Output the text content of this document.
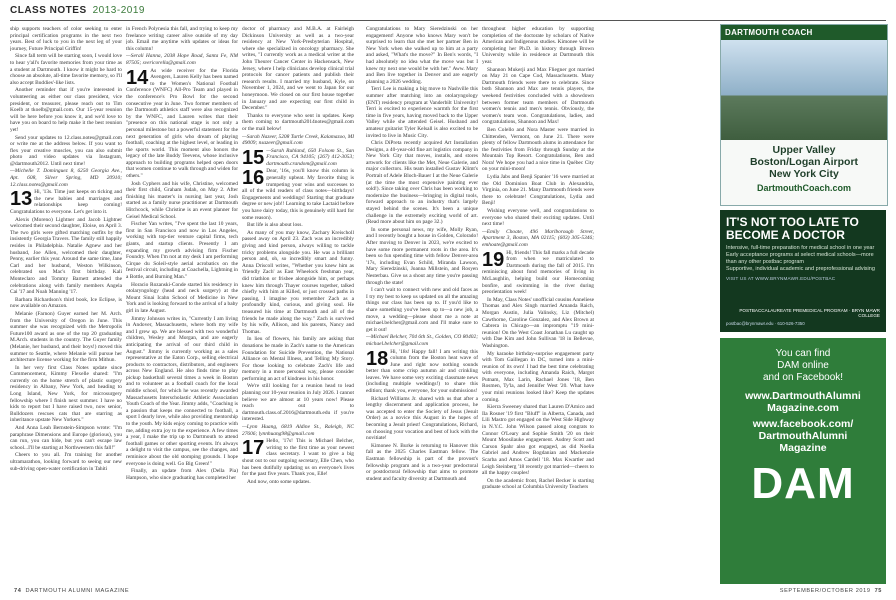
CLASS NOTES 2013-2019

ship supports teachers of color seeking to enter principal certification programs in the next two years. Best of luck to you in the next leg of your journey, Future Principal Griffin!

Since fall term will be starting soon, I would love to hear y'all's favorite memories from your time as a student at Dartmouth. I know it might be hard to choose an absolute, all-time favorite memory, so I'll also accept Buddies'-like lists.

Another reminder that if you're interested in volunteering as either our class president, vice president, or treasurer, please reach out to Tim Koelb at tkoelb@gmail.com. Our 15-year reunion will be here before you know it, and we'd love to have you on board to help make it the best reunion yet!

Send your updates to 12.class.notes@gmail.com or write me at the address below. If you want to flex your creative muscles, you can also submit photo and video updates via Instagram, @dartmouth2012. Until next time!

—Michelle T. Dominguez 8, 6250 Georgia Ave., Apt. 608, Silver Spring, MD 20910; 12.class.notes@gmail.com

13 Hi, '13s. Time just keeps on ticking and the new babies and marriages and relationships keep coming! Congratulations to everyone. Let's get into it.

Alexis (Moreno) Lightner and Jacob Lightner welcomed their second daughter, Eloise, on April 3. The two girls were gifted matching outfits by the insistently Georgia Travers. The family still happily resides in Philadelphia. Natalie Agnew and her husband, Joe Allen, welcomed their daughter, Penny, earlier this year. Around the same time, Jane Carl and her husband, Weston Wilkinson, celebrated son Mac's first birthday. Kali Monteclaro and Tommy Barnett attended the celebrations along with family members Angela Cai '17 and Noah Manning '17.

Barbara Richardson's third book, Ice Eclipse, is now available on Amazon.

Melanie (Farnon) Guyer earned her M. Arch. from the University of Oregon in June. This summer she was recognized with the Metropolis Future100 award as one of the top 20 graduating M.Arch. students in the country. The Guyer family (Melanie, her husband, and their boys!) moved this summer to Seattle, where Melanie will pursue her architecture license working for the firm Mithun.

In her very first Class Notes update since Commencement, Kimmy Flexelle shared: "I'm currently on the home stretch of plastic surgery residency in Albany, New York, and heading to Long Island, New York, for microsurgery fellowship where I finish next summer. I have no kids to report but I have raised two, now senior, Bulldozers rescues cats that are starring as inheritance upstate New Yorkers."

And Anna Leah Bernstein-Simpson wrote: "I'm paraphrase Dimensions and Europe (glorious), you can run, you can hide, but you can't escape law school...I'll be starting at Northwestern this fall!"

Cheers to you all. I'm training for another ultramarathon, looking forward to seeing our new sub-driving open-water certification in Tahiti

in French Polynesia this fall, and trying to keep my freelance writing career alive outside of my day job. Email me anytime with updates or ideas for this column!

—Serali Hanna, 2038 Hope Road, Santa Fe, NM 87505; svericorella@gmail.com

14 As wide receiver for the Florida Avengers, Lauren Kelly has been named to the Women's National Football Conference (WNFC) All-Pro Team and played in the conference's Pro Bowl for the second consecutive year in June. Two former members of the Dartmouth athletics staff were also recognized by the WNFC, and Lauren writes that their "presence on this national stage is not only a personal milestone but a powerful statement for the next generation of girls who dream of playing football, coaching at the highest level, or leading in the sports world. This moment also honors the legacy of the late Buddy Teevens, whose inclusive approach to building programs helped open doors that women continue to walk through and widen for others."

Josh Cyphers and his wife, Christine, welcomed their first child, Graham Judah, on May 2. After finishing his master's in nursing last year, Josh started as a family nurse practitioner at Dartmouth Hitchcock, while Christine is an event planner for Geisel Medical School.

Fischer Yan writes, "I've spent the last 10 years, first in San Francisco and now in Los Angeles, working with top-tier venture capital firms, tech giants, and startup clients. Presently I am expanding my growth advising firm Fischer Foundry. When I'm not at my desk I am performing Cirque du Soleil-style aerial acrobatics on the festival circuit, including at Coachella, Lightning in a Bottle, and Burning Man."

Horacio Rozanski-Conde started his residency in otolaryngology (head and neck surgery) at the Mount Sinai Icahn School of Medicine in New York and is looking forward to the arrival of a baby girl in late August.

Jimmy Johnson writes in, "Currently I am living in Andover, Massachusetts, where both my wife and I grew up. We are blessed with two wonderful children, Wesley and Morgan, and are eagerly anticipating the arrival of our third child in August." Jimmy is currently working as a sales representative at the Eaton Corp., selling electrical products to contractors, distributors, and engineers across New England. He also finds time to play pickup basketball several times a week in Boston and to volunteer as a football coach for the local middle school, for which he was recently awarded Massachusetts Interscholastic Athletic Association Youth Coach of the Year. Jimmy adds, "Coaching is a passion that keeps me connected to football, a sport I dearly love, while also providing mentorship to the youth. My kids enjoy coming to practice with me, adding extra joy to the experience. A few times a year, I make the trip up to Dartmouth to attend football games or other sporting events. It's always a delight to visit the campus, see the changes, and reminisce about the old stomping grounds. I hope everyone is doing well. Go Big Green!"

Finally, an update from Alex (Della Pia) Hampson, who since graduating has completed her

doctor of pharmacy and M.B.A. at Fairleigh Dickinson University as well as a two-year residency at New York-Presbyterian Hospital, where she specialized in oncology pharmacy. She writes, "I currently work as a medical writer at the John Theurer Cancer Center in Hackensack, New Jersey, where I help clinicians develop clinical trial protocols for cancer patients and publish their research results. I married my husband, Kyle, on November 1, 2024, and we went to Japan for our honeymoon. We closed on our first house together in January and are expecting our first child in December."

Thanks to everyone who sent in updates. Keep them coming to dartmouth2014notes@gmail.com or the mail below!

—Sarah Nazeer, 5208 Turtle Creek, Kalamazoo, MI 49009; nsazeer@gmail.com

15 —Sarah Ruhland, 650 Folsom St., San Francisco, CA 94105; (267) 412-3053; dartmouth.crandom@gmail.com

16 Dear, '16s, you'll know this column is generally upbeat. My favorite thing is trumpeting your wins and successes to all of the wild readers of class notes—birthdays! Engagements and weddings! Starting that graduate degree or new job!! Learning to take Lactaid before you have dairy today, this is genuinely still hard for some reason).

But life is also about loss.

As many of you may know, Zachary Kreischoll passed away on April 23. Zach was an incredibly giving and kind person, always willing to tackle tricky problems alongside you. He was a brilliant person and, oh, so incredibly smart and funny. Anna Driscoll writes, "Whether you knew him as 'friendly Zach' as East Wheelock freshman year, did triathlon or frisbee alongside him, or perhaps knew him through Thayer courses together, talked chiefly with him at Killed, or just crossed paths in passing, I imagine you remember Zach as a profoundly kind, curious, and giving soul. He treasured his time at Dartmouth and all of the friends he made along the way." Zach is survived by his wife, Allison, and his parents, Nancy and Thomas.

In lieu of flowers, his family are asking that donations be made in Zach's name to the American Foundation for Suicide Prevention, the National Alliance on Mental Illness, and Telling My Story. For those looking to celebrate Zach's life and memory in a more personal way, please consider performing an act of kindness in his honor.

We're still looking for a reunion head to lead planning our 10-year reunion in July 2026. I cannot believe we are almost at 10 years now! Please reach out to dartmouth.class.of.2016@dartmouth.edu if you're interested.

—Lynn Huang, 6819 Aldine St., Raleigh, NC 27606; lynnhuang98@gmail.com

17 Hello, '17s! This is Michael Belcher, writing to the first time as your newest class secretary. I want to give a big shout out to our outgoing secretary, Elle Chen, who has been dutifully updating us on everyone's lives for the past five years. Thank you, Elle!

And now, onto some updates.

Congratulations to Mary Sieredzinski on her engagement! Anyone who knows Mary won't be surprised to learn that she met her partner Ben in New York when she walked up to him at a party and asked, "What's the move?" In Ben's words, "I had absolutely no idea what the move was but I knew my next one would be with her." Aww. Mary and Ben live together in Denver and are eagerly planning a 2026 wedding.

Terri Lee is making a big move to Nashville this summer after matching into an otolaryngology (ENT) residency program at Vanderbilt University! Terri is excited to experience warmth for the first time in five years, having moved back to the Upper Valley while she attended Geisel. Husband and amateur guitarist Tyler Kelsall is also excited to be invited to live in Music City.

Chris DiPreta recently acquired Art Installation Designs, a 40-year-old fine art logistics company in New York City that moves, installs, and stores artwork for clients like the Met, Neue Galerie, and major collectors. His team installed Gustav Klimt's Portrait of Adele Bloch-Bauer I at the Neue Galerie (at the time the most expensive painting ever sold!). Since taking over Chris has been working to modernize the business—bringing in digital tools, forward approach to an industry that's largely stayed behind the scenes. It's been a unique challenge in the extremely exciting world of art. (Read more about him on page 32.)

In some personal news, my wife, Molly Ryan, and I recently bought a house in Golden, Colorado! After moving to Denver in 2023, we're excited to have some more permanent roots in the area. It's been so fun spending time with fellow Denver-area '17s, including Evan Schild, Miranda Lawson, Mary Sieredzinski, Joanna Millstein, and Rosyen Nesterbau. Give us a shout any time you're passing through the state!

I can't wait to connect with new and old faces as I try my best to keep us updated on all the amazing things our class has been up to. If you'd like to share something you've been up to—a new job, a move, a wedding—please shoot me a note at michael.belcher@gmail.com and I'll make sure to get it out!

—Michael Belcher, 704 6th St., Golden, CO 80402; michael.belcher@gmail.com

18 Hi, '18s! Happy fall! I am writing this column from the Boston heat wave of June and right now nothing sounds better than some crisp autumn air and crinkling leaves. We have some very exciting classmate news (including multiple weddings!) to share this edition; thank you, everyone, for your submissions!

Richard Williams Jr. shared with us that after a lengthy discernment and application process, he was accepted to enter the Society of Jesus (Jesuit Order) as a novice this August in the hopes of becoming a Jesuit priest! Congratulations, Richard, on choosing your vocation and best of luck with the novitiate!

Kimonee N. Burke is returning to Hanover this fall as the 2025 Charles Eastman fellow. The Eastman fellowship is part of the provost's fellowship program and is a two-year predoctoral or postdoctoral fellowship that aims to promote student and faculty diversity at Dartmouth and

throughout higher education by supporting completion of the doctorate by scholars of Native American and Indigenous studies. Kimonee will be completing her Ph.D. in history through Brown University while in residence at Dartmouth this year.

Shannon Mukerji and Max Fliegner got married on May 21 on Cape Cod, Massachusetts. Many Dartmouth friends were there to celebrate. Since both Shannon and Max are tennis players, the weekend festivities concluded with a showdown between former team members of Dartmouth women's tennis and men's tennis. Obviously, the women's team won. Congratulations, ladies, and congratulations, Shannon and Max!

Ben Colello and Nora Master were married in Chittenden, Vermont, on June 21. There were plenty of fellow Dartmouth alums in attendance for the festivities from Friday through Sunday at the Mountain Top Resort. Congratulations, Ben and Nora! We hope you had a nice time in Québec City on your mini-moon!

Lydia Jabs and Benji Spanier '16 were married at the Old Dominion Boat Club in Alexandria, Virginia, on June 21. Many Dartmouth friends were there to celebrate! Congratulations, Lydia and Benji!

Wishing everyone well, and congratulations to everyone who shared their exciting updates. Until next time!

—Emily Choate, 496 Marlborough Street, Apartment 3, Boston, MA 02115; (603) 305-5346; emhoate@gmail.com

19 Hi, friends! This fall marks a full decade from when we matriculated to Dartmouth during the fall of 2015. I'm reminiscing about fond memories of living in McLaughlin, helping build our Homecoming bonfire, and swimming in the river during preorientation week!

In May, Class Notes' unofficial cousins Anneliese Thomas and Alex Singh married Amanda Raich, Morgan Austin, Julia Valinsky, Liz (Mitchel) Cawthorne, Caroline Gonzalez, and Alex Brown at Cabrera in Chicago—an impromptu "19 mini-reunion! On the West Coast Jonathan Lu caught up with Dae Kim and John Sullivan '18 in Bellevue, Washington.

My karaoke birthday-surprise engagement party with Tom Gaillegan in DC, turned into a mini-reunion of its own! I had the best time celebrating with everyone, including Amanda Raich, Margot Putnam, Max Larin, Rachael Jones '18, Ben Rosmen, Ty'la, and Jennifer West '20. What have your mini reunions looked like? Keep the updates coming.

Kierra Sweeney shared that Lauren D'Amico and Ila Rosner '19 first "Bluff" in Alberta, Canada, and Lili Mastro got engaged on the West Side Highway in N.Y.C. John Wilson passed along congrats to Connor O'Leary and Sophie Smith '20 on their Mount Moosilauke engagement. Audrey Scott and Carson Spahr also got engaged, as did Noelia Gabriel and Andrew Bogdanian and Mackenzie Scarba and Amos Cardell '18. Max Kwartler and Leigh Steinberg '18 recently got married—cheers to all the happy couples!

On the academic front, Rachel Becker is starting graduate school at Columbia University Teachers

DARTMOUTH COACH
Upper Valley
Boston/Logan Airport
New York City
DartmouthCoach.com
IT'S NOT TOO LATE TO BECOME A DOCTOR
Intensive, full-time preparation for medical school in one year
Early acceptance programs at select medical schools—more than any other postbac program
Supportive, individual academic and preprofessional advising
VISIT US AT WWW.BRYNMAWR.EDU/POSTBAC
POSTBACCALAUREATE PREMEDICAL PROGRAM · BRYN MAWR COLLEGE
postbac@brynmawr.edu · 610-526-7350
You can find
DAM online
and on Facebook!
www.DartmouthAlumni
Magazine.com
www.facebook.com/
DartmouthAlumni
Magazine
DAM
74 DARTMOUTH ALUMNI MAGAZINE	SEPTEMBER/OCTOBER 2019 75
